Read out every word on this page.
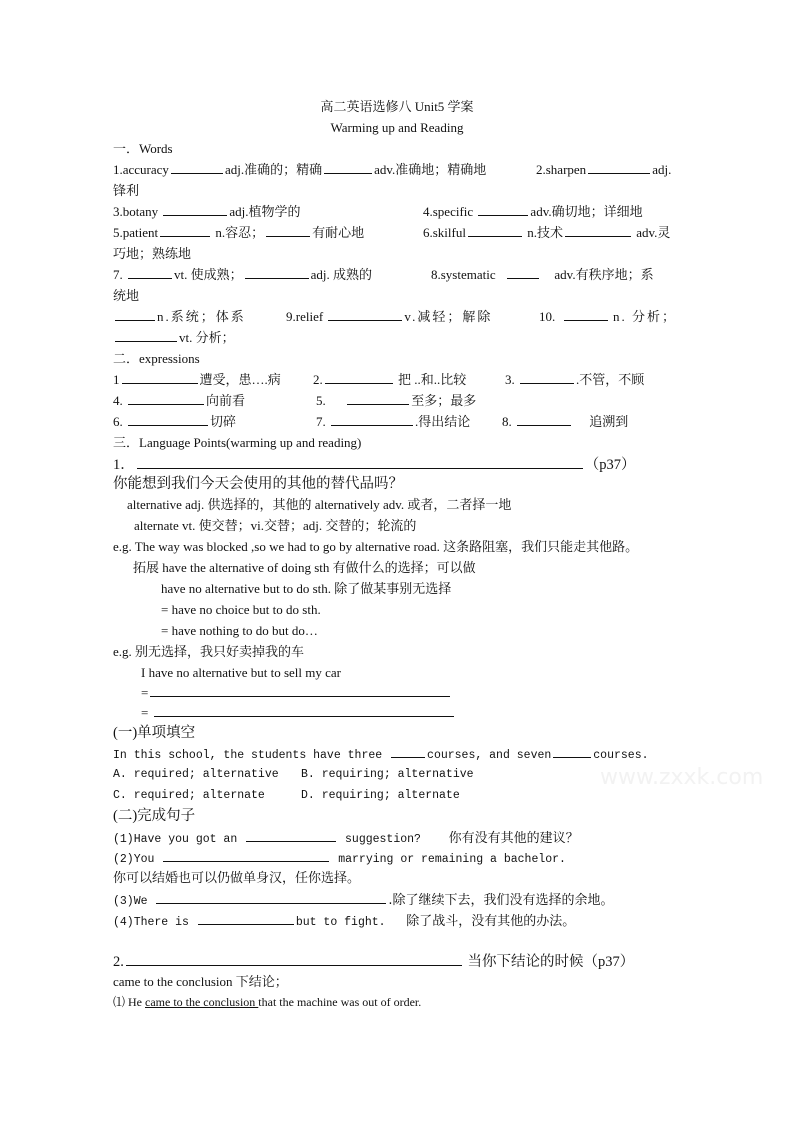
高二英语选修八 Unit5 学案
Warming up and Reading
一．Words
1.accuracy	adj.准确的；精确	adv.准确地；精确地	2.sharpen	adj.
锋利
3.botany	adj.植物学的	4.specific	adv.确切地；详细地
5.patient	n.容忍；	有耐心地	6.skilful	n.技术	adv.灵
巧地；熟练地
7.	vt. 使成熟；	adj. 成熟的	8.systematic	adv.有秩序地；系
统地
n.系统；体系	9.relief	v.减轻；解除	10.	n. 分析；
vt. 分析；
二．expressions
1	遭受，患….病 2.	把 ..和..比较	3.	.不管，不顾
4.	向前看	5.	至多；最多
6.	切碎	7.	.得出结论 8.	追溯到
三．Language Points(warming up and reading)
1．	（p37）
你能想到我们今天会使用的其他的替代品吗？
alternative adj. 供选择的，其他的 alternatively adv. 或者，二者择一地
alternate vt. 使交替；vi.交替；adj. 交替的；轮流的
e.g. The way was blocked ,so we had to go by alternative road. 这条路阻塞，我们只能走其他路。
拓展 have the alternative of doing sth 有做什么的选择；可以做
have no alternative but to do sth. 除了做某事别无选择
= have no choice but to do sth.
= have nothing to do but do…
e.g. 别无选择，我只好卖掉我的车
I have no alternative but to sell my car
=
=
(一)单项填空
In this school, the students have three	courses, and seven	courses.
A. required; alternative B. requiring; alternative
C. required; alternate	D. requiring; alternate
(二)完成句子
(1)Have you got an	suggestion? 你有没有其他的建议？
(2)You	marrying or remaining a bachelor.
你可以结婚也可以仍做单身汉，任你选择。
(3)We	.除了继续下去，我们没有选择的余地。
(4)There is	but to fight. 除了战斗，没有其他的办法。
2.	当你下结论的时候（p37）
came to the conclusion 下结论；
⑴ He came to the conclusion that the machine was out of order.
www.zxxk.com
